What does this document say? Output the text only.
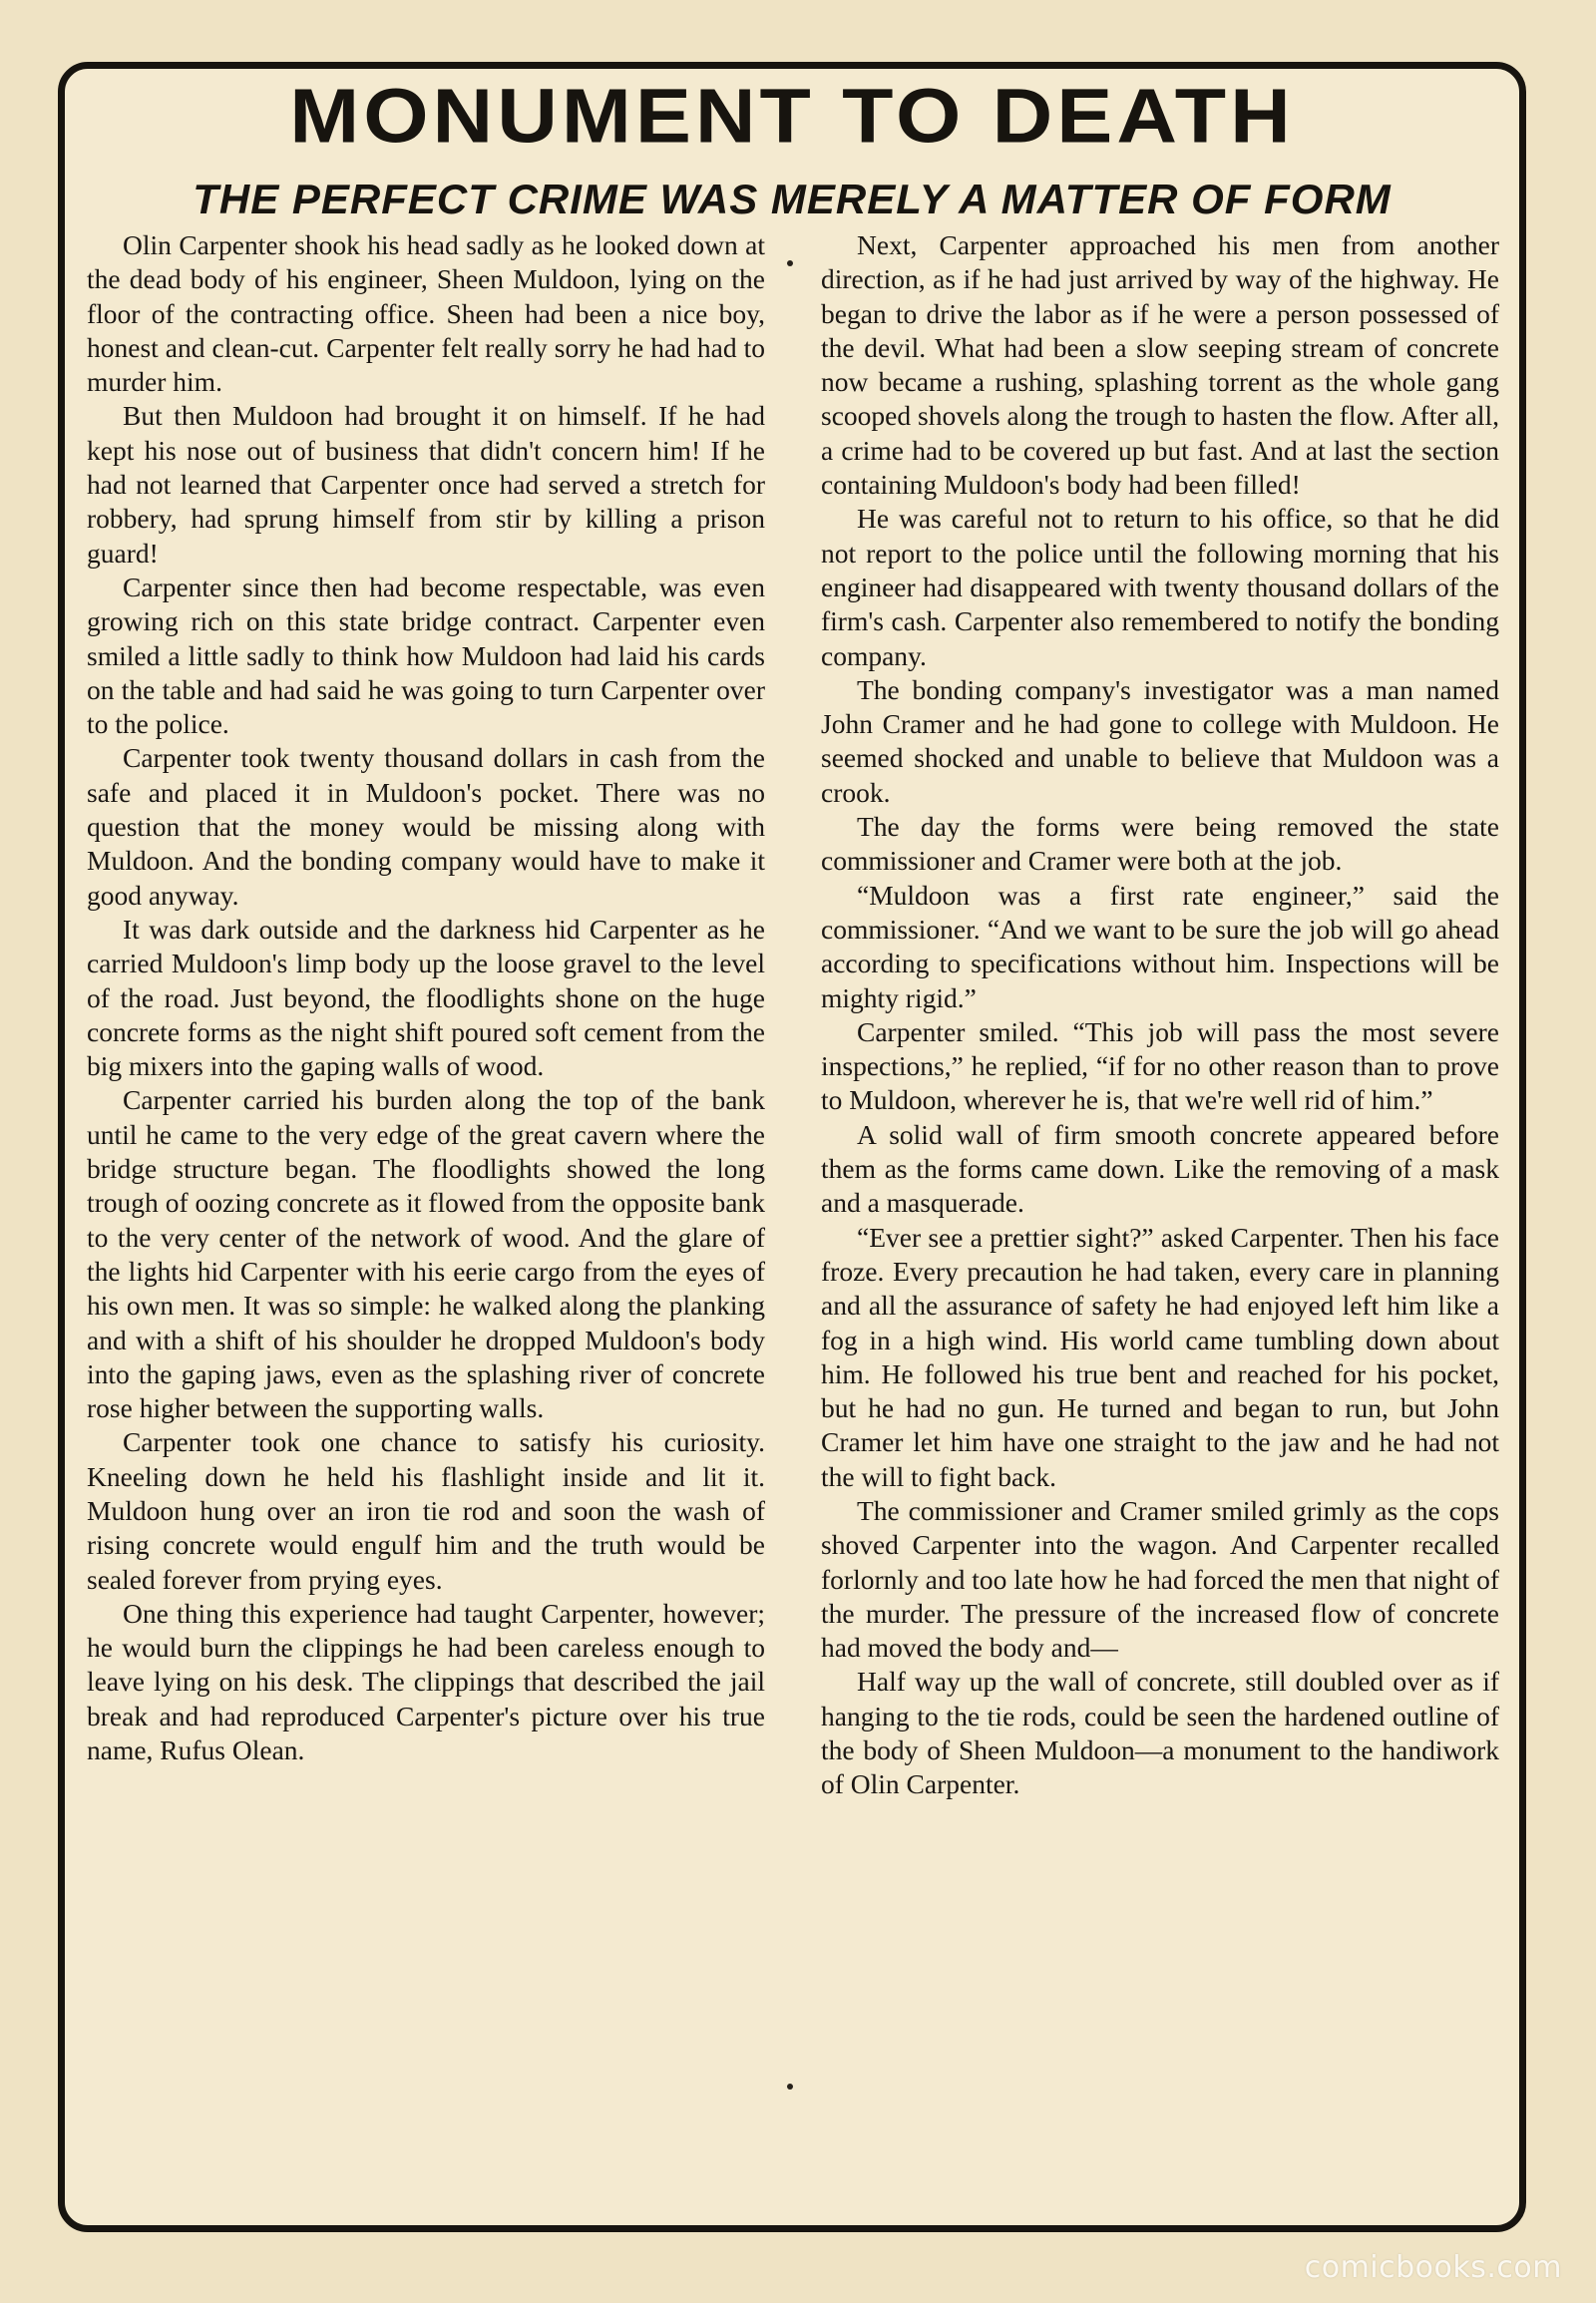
MONUMENT TO DEATH
THE PERFECT CRIME WAS MERELY A MATTER OF FORM

Olin Carpenter shook his head sadly as he looked down at the dead body of his engineer, Sheen Muldoon, lying on the floor of the contracting office. Sheen had been a nice boy, honest and clean-cut. Carpenter felt really sorry he had had to murder him.

But then Muldoon had brought it on himself. If he had kept his nose out of business that didn't concern him! If he had not learned that Carpenter once had served a stretch for robbery, had sprung himself from stir by killing a prison guard!

Carpenter since then had become respectable, was even growing rich on this state bridge contract. Carpenter even smiled a little sadly to think how Muldoon had laid his cards on the table and had said he was going to turn Carpenter over to the police.

Carpenter took twenty thousand dollars in cash from the safe and placed it in Muldoon's pocket. There was no question that the money would be missing along with Muldoon. And the bonding company would have to make it good anyway.

It was dark outside and the darkness hid Carpenter as he carried Muldoon's limp body up the loose gravel to the level of the road. Just beyond, the floodlights shone on the huge concrete forms as the night shift poured soft cement from the big mixers into the gaping walls of wood.

Carpenter carried his burden along the top of the bank until he came to the very edge of the great cavern where the bridge structure began. The floodlights showed the long trough of oozing concrete as it flowed from the opposite bank to the very center of the network of wood. And the glare of the lights hid Carpenter with his eerie cargo from the eyes of his own men. It was so simple: he walked along the planking and with a shift of his shoulder he dropped Muldoon's body into the gaping jaws, even as the splashing river of concrete rose higher between the supporting walls.

Carpenter took one chance to satisfy his curiosity. Kneeling down he held his flashlight inside and lit it. Muldoon hung over an iron tie rod and soon the wash of rising concrete would engulf him and the truth would be sealed forever from prying eyes.

One thing this experience had taught Carpenter, however; he would burn the clippings he had been careless enough to leave lying on his desk. The clippings that described the jail break and had reproduced Carpenter's picture over his true name, Rufus Olean.

Next, Carpenter approached his men from another direction, as if he had just arrived by way of the highway. He began to drive the labor as if he were a person possessed of the devil. What had been a slow seeping stream of concrete now became a rushing, splashing torrent as the whole gang scooped shovels along the trough to hasten the flow. After all, a crime had to be covered up but fast. And at last the section containing Muldoon's body had been filled!

He was careful not to return to his office, so that he did not report to the police until the following morning that his engineer had disappeared with twenty thousand dollars of the firm's cash. Carpenter also remembered to notify the bonding company.

The bonding company's investigator was a man named John Cramer and he had gone to college with Muldoon. He seemed shocked and unable to believe that Muldoon was a crook.

The day the forms were being removed the state commissioner and Cramer were both at the job.

“Muldoon was a first rate engineer,” said the commissioner. “And we want to be sure the job will go ahead according to specifications without him. Inspections will be mighty rigid.”

Carpenter smiled. “This job will pass the most severe inspections,” he replied, “if for no other reason than to prove to Muldoon, wherever he is, that we're well rid of him.”

A solid wall of firm smooth concrete appeared before them as the forms came down. Like the removing of a mask and a masquerade.

“Ever see a prettier sight?” asked Carpenter. Then his face froze. Every precaution he had taken, every care in planning and all the assurance of safety he had enjoyed left him like a fog in a high wind. His world came tumbling down about him. He followed his true bent and reached for his pocket, but he had no gun. He turned and began to run, but John Cramer let him have one straight to the jaw and he had not the will to fight back.

The commissioner and Cramer smiled grimly as the cops shoved Carpenter into the wagon. And Carpenter recalled forlornly and too late how he had forced the men that night of the murder. The pressure of the increased flow of concrete had moved the body and—

Half way up the wall of concrete, still doubled over as if hanging to the tie rods, could be seen the hardened outline of the body of Sheen Muldoon—a monument to the handiwork of Olin Carpenter.

comicbooks.com
